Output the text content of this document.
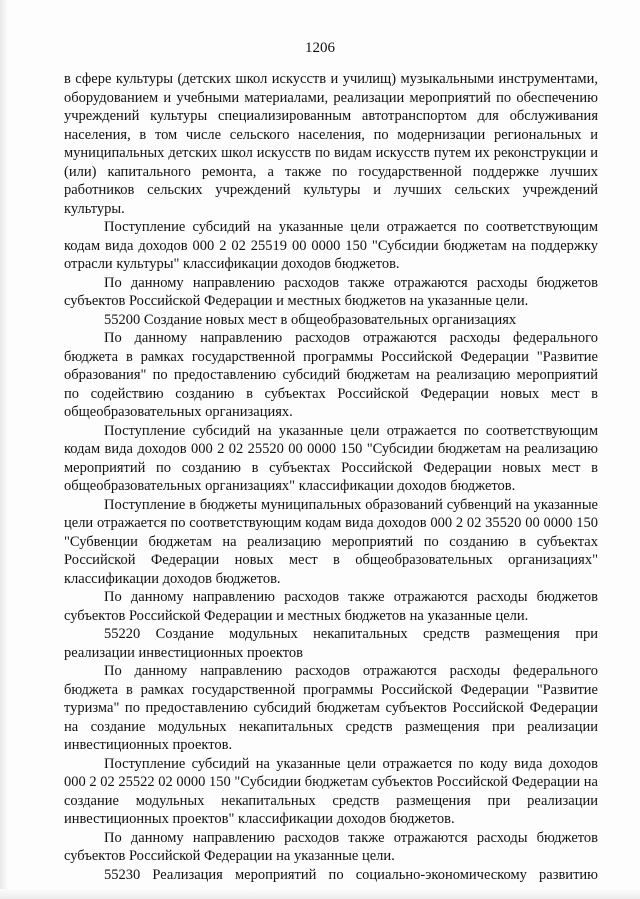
1206

в сфере культуры (детских школ искусств и училищ) музыкальными инструментами, оборудованием и учебными материалами, реализации мероприятий по обеспечению учреждений культуры специализированным автотранспортом для обслуживания населения, в том числе сельского населения, по модернизации региональных и муниципальных детских школ искусств по видам искусств путем их реконструкции и (или) капитального ремонта, а также по государственной поддержке лучших работников сельских учреждений культуры и лучших сельских учреждений культуры.

Поступление субсидий на указанные цели отражается по соответствующим кодам вида доходов 000 2 02 25519 00 0000 150 "Субсидии бюджетам на поддержку отрасли культуры" классификации доходов бюджетов.

По данному направлению расходов также отражаются расходы бюджетов субъектов Российской Федерации и местных бюджетов на указанные цели.

55200 Создание новых мест в общеобразовательных организациях

По данному направлению расходов отражаются расходы федерального бюджета в рамках государственной программы Российской Федерации "Развитие образования" по предоставлению субсидий бюджетам на реализацию мероприятий по содействию созданию в субъектах Российской Федерации новых мест в общеобразовательных организациях.

Поступление субсидий на указанные цели отражается по соответствующим кодам вида доходов 000 2 02 25520 00 0000 150 "Субсидии бюджетам на реализацию мероприятий по созданию в субъектах Российской Федерации новых мест в общеобразовательных организациях" классификации доходов бюджетов.

Поступление в бюджеты муниципальных образований субвенций на указанные цели отражается по соответствующим кодам вида доходов 000 2 02 35520 00 0000 150 "Субвенции бюджетам на реализацию мероприятий по созданию в субъектах Российской Федерации новых мест в общеобразовательных организациях" классификации доходов бюджетов.

По данному направлению расходов также отражаются расходы бюджетов субъектов Российской Федерации и местных бюджетов на указанные цели.

55220 Создание модульных некапитальных средств размещения при реализации инвестиционных проектов

По данному направлению расходов отражаются расходы федерального бюджета в рамках государственной программы Российской Федерации "Развитие туризма" по предоставлению субсидий бюджетам субъектов Российской Федерации на создание модульных некапитальных средств размещения при реализации инвестиционных проектов.

Поступление субсидий на указанные цели отражается по коду вида доходов 000 2 02 25522 02 0000 150 "Субсидии бюджетам субъектов Российской Федерации на создание модульных некапитальных средств размещения при реализации инвестиционных проектов" классификации доходов бюджетов.

По данному направлению расходов также отражаются расходы бюджетов субъектов Российской Федерации на указанные цели.

55230 Реализация мероприятий по социально-экономическому развитию
